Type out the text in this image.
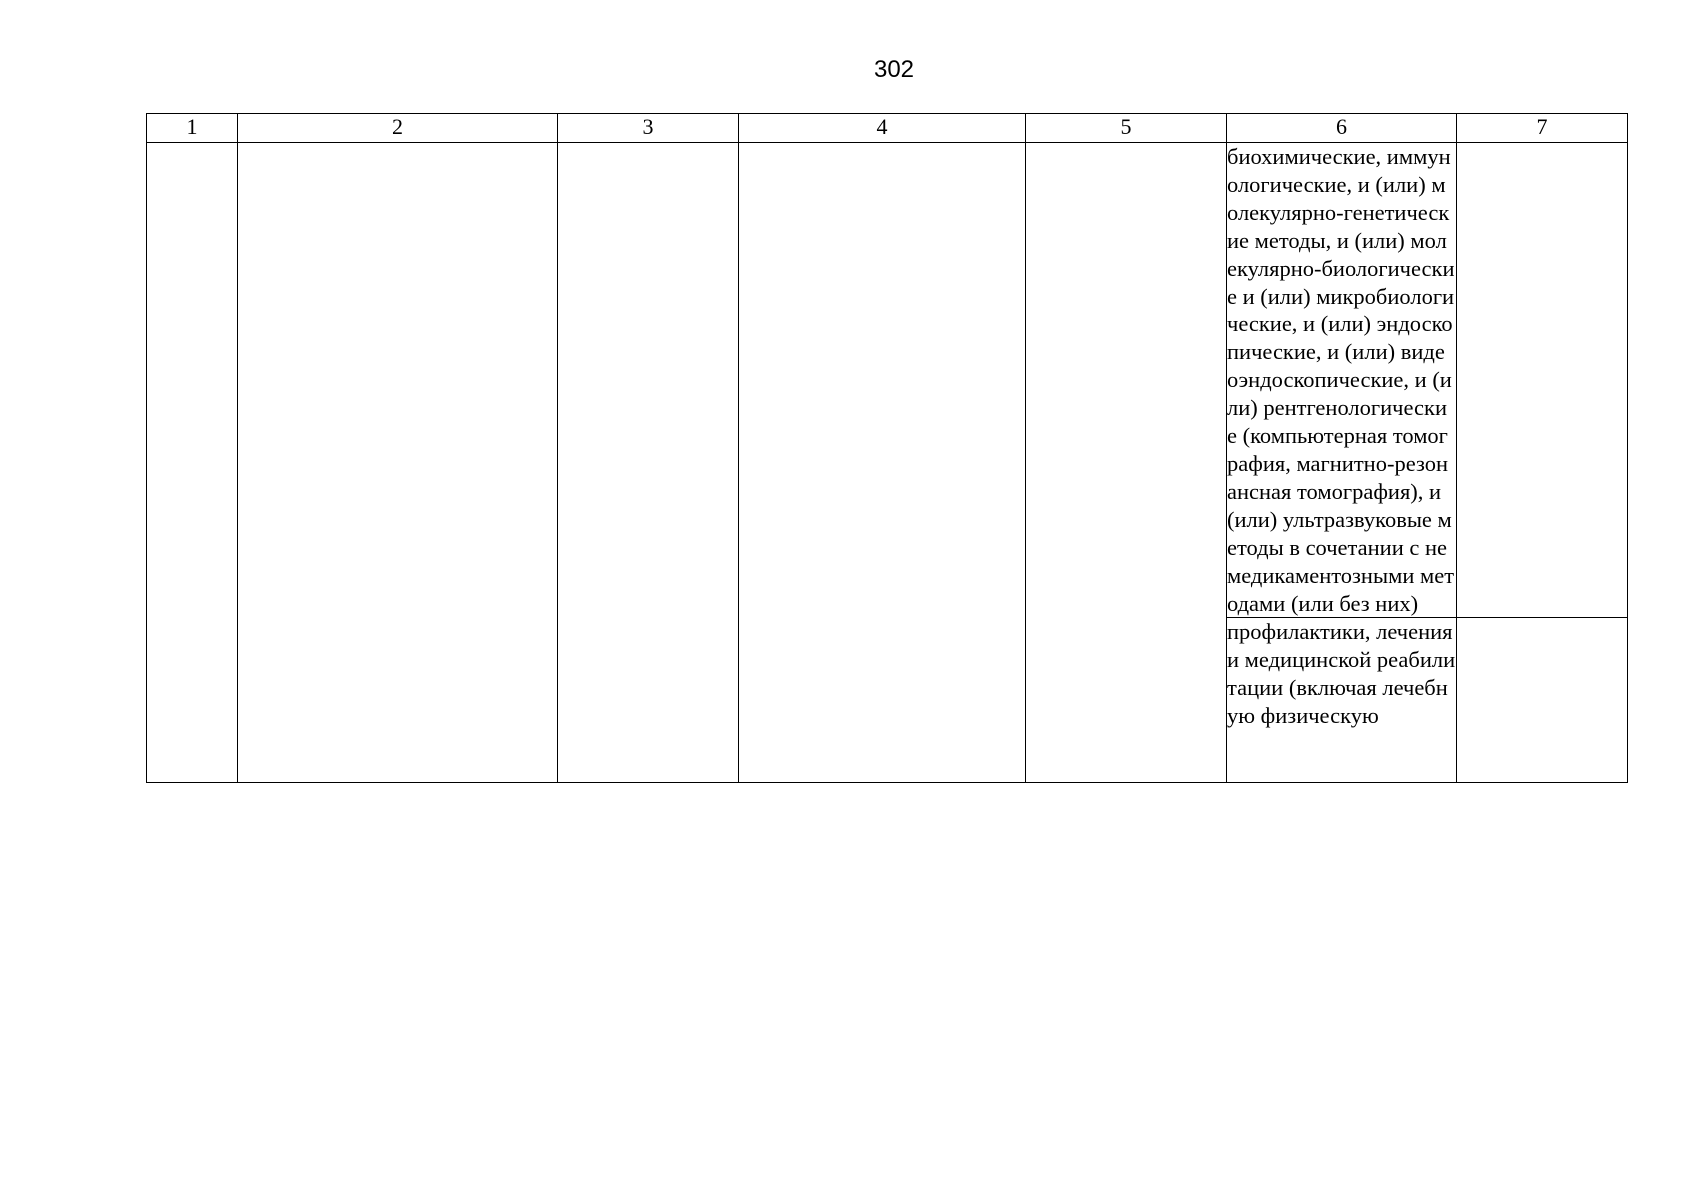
302
1	2	3	4	5	6	7
					биохимические, иммунологические, и (или) молекулярно-генетические методы, и (или) молекулярно-биологические и (или) микробиологические, и (или) эндоскопические, и (или) видеоэндоскопические, и (или) рентгенологические (компьютерная томография, магнитно-резонансная томография), и (или) ультразвуковые методы в сочетании с немедикаментозными методами (или без них)	
					профилактики, лечения и медицинской реабилитации (включая лечебную физическую	
